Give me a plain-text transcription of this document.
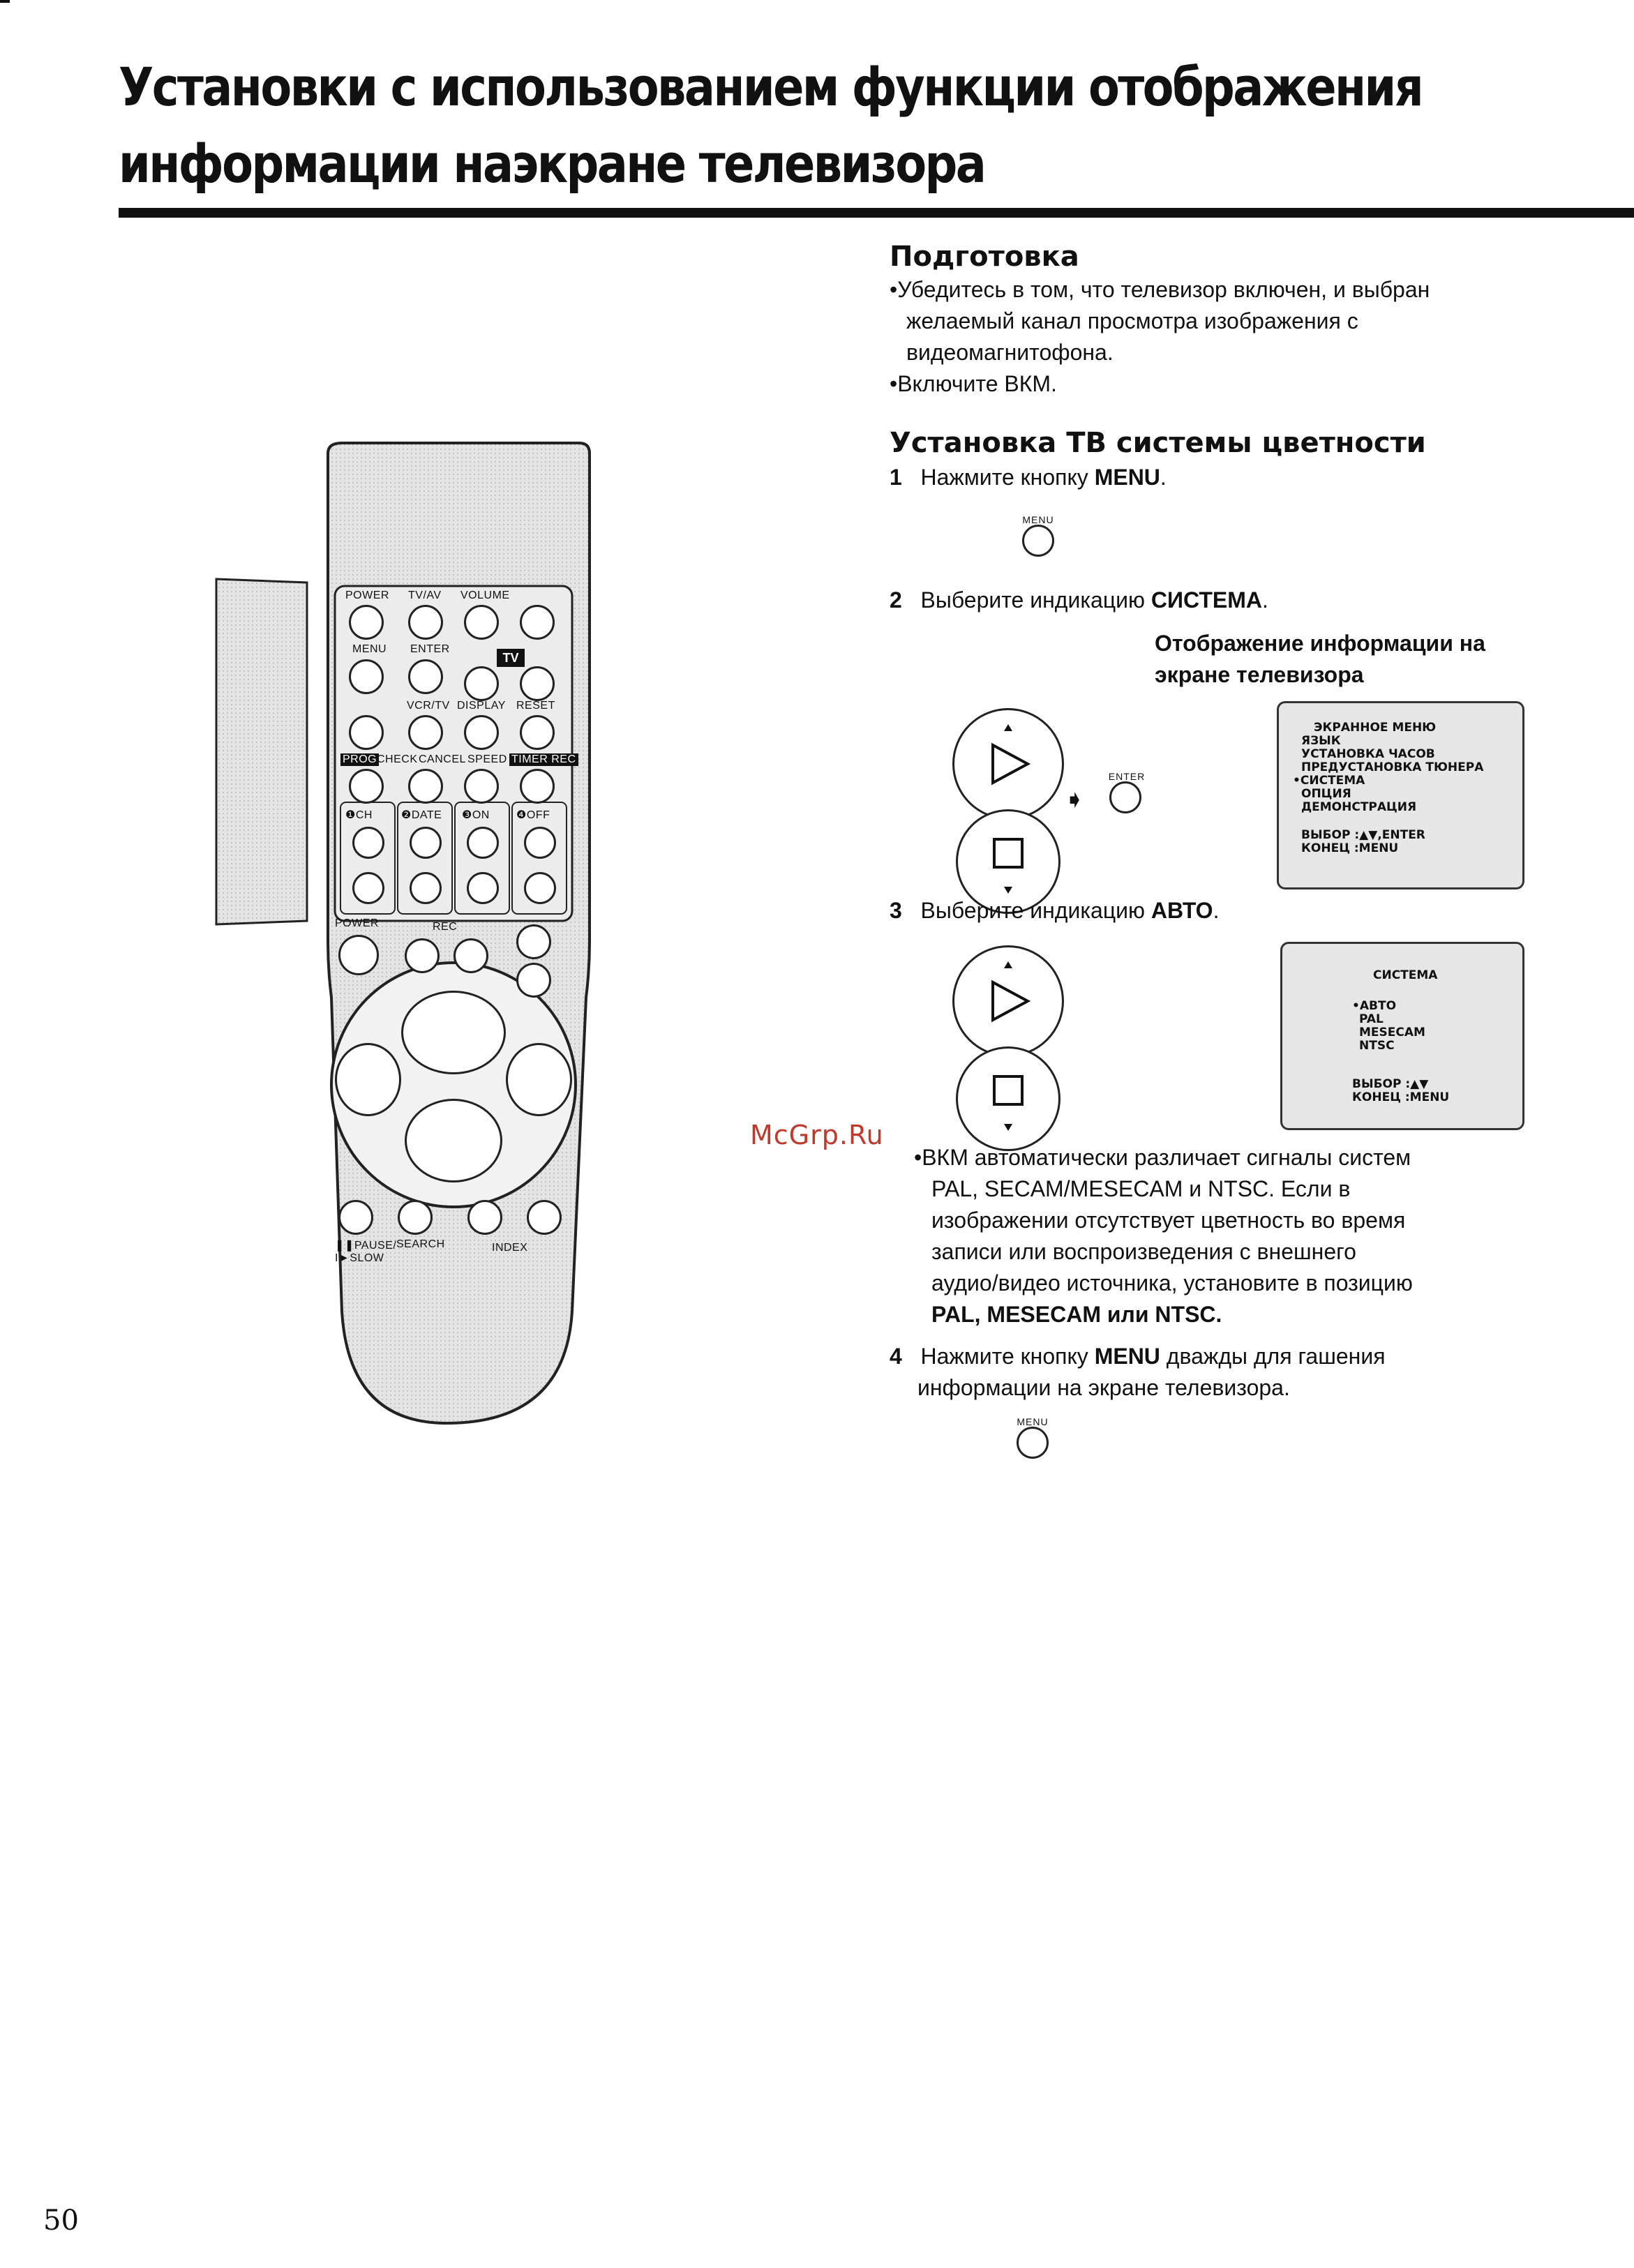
Установки с использованием функции отображения
информации наэкране телевизора
POWER TV/AV VOLUME
MENU ENTER
TV
VCR/TV DISPLAY RESET
PROG CHECK CANCEL SPEED TIMER REC
❶CH	❷DATE ❸ON ❹OFF
POWER	REC
❚❚PAUSE/
I►SLOW
SEARCH	INDEX
Подготовка
•Убедитесь в том, что телевизор включен, и выбран
желаемый канал просмотра изображения с
видеомагнитофона.
•Включите ВКМ.
Установка ТВ системы цветности
1 Нажмите кнопку MENU.
MENU
2 Выберите индикацию СИСТЕМА.
Отображение информации на
экране телевизора
➧
ENTER
ЭКРАННОЕ МЕНЮ
ЯЗЫК
УСТАНОВКА ЧАСОВ
ПРЕДУСТАНОВКА ТЮНЕРА
•СИСТЕМА
ОПЦИЯ
ДЕМОНСТРАЦИЯ
ВЫБОР :▲▼,ENTER
КОНЕЦ :MENU
3 Выберите индикацию АВТО.
СИСТЕМА
•АВТО
PAL
MESECAM
NTSC
ВЫБОР :▲▼
КОНЕЦ :MENU
McGrp.Ru
•ВКМ автоматически различает сигналы систем
PAL, SECAM/MESECAM и NTSC. Если в
изображении отсутствует цветность во время
записи или воспроизведения с внешнего
аудио/видео источника, установите в позицию
PAL, MESECAM или NTSC.
4 Нажмите кнопку MENU дважды для гашения
информации на экране телевизора.
MENU
50
